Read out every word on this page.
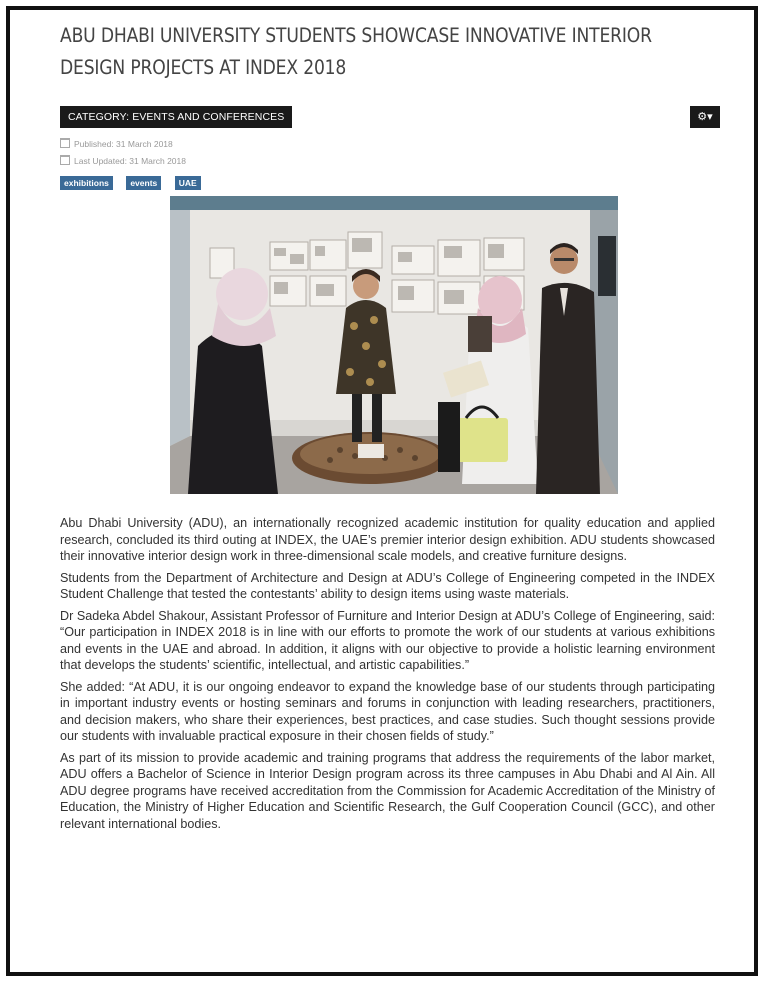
ABU DHABI UNIVERSITY STUDENTS SHOWCASE INNOVATIVE INTERIOR DESIGN PROJECTS AT INDEX 2018
CATEGORY: EVENTS AND CONFERENCES	⚙▾
Published: 31 March 2018
Last Updated: 31 March 2018
exhibitions	events	UAE

Abu Dhabi University (ADU), an internationally recognized academic institution for quality education and applied research, concluded its third outing at INDEX, the UAE’s premier interior design exhibition. ADU students showcased their innovative interior design work in three-dimensional scale models, and creative furniture designs.

Students from the Department of Architecture and Design at ADU’s College of Engineering competed in the INDEX Student Challenge that tested the contestants’ ability to design items using waste materials.

Dr Sadeka Abdel Shakour, Assistant Professor of Furniture and Interior Design at ADU’s College of Engineering, said: “Our participation in INDEX 2018 is in line with our efforts to promote the work of our students at various exhibitions and events in the UAE and abroad. In addition, it aligns with our objective to provide a holistic learning environment that develops the students’ scientific, intellectual, and artistic capabilities.”

She added: “At ADU, it is our ongoing endeavor to expand the knowledge base of our students through participating in important industry events or hosting seminars and forums in conjunction with leading researchers, practitioners, and decision makers, who share their experiences, best practices, and case studies. Such thought sessions provide our students with invaluable practical exposure in their chosen fields of study.”

As part of its mission to provide academic and training programs that address the requirements of the labor market, ADU offers a Bachelor of Science in Interior Design program across its three campuses in Abu Dhabi and Al Ain. All ADU degree programs have received accreditation from the Commission for Academic Accreditation of the Ministry of Education, the Ministry of Higher Education and Scientific Research, the Gulf Cooperation Council (GCC), and other relevant international bodies.
